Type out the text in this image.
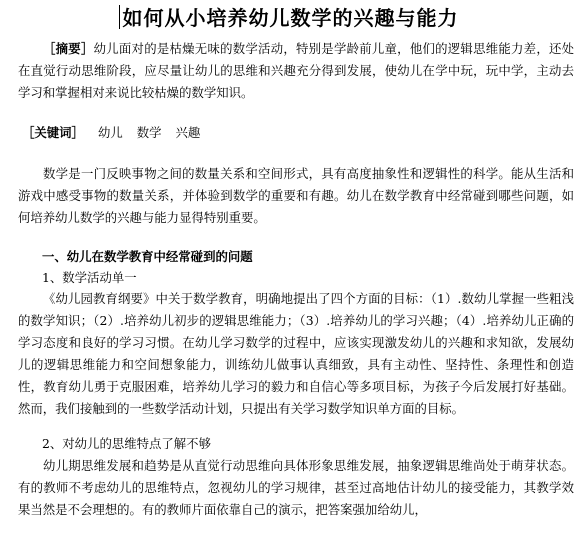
如何从小培养幼儿数学的兴趣与能力

［摘要］幼儿面对的是枯燥无味的数学活动，特别是学龄前儿童，他们的逻辑思维能力差，还处在直觉行动思维阶段，应尽量让幼儿的思维和兴趣充分得到发展，使幼儿在学中玩，玩中学，主动去学习和掌握相对来说比较枯燥的数学知识。

［关键词］ 幼儿 数学 兴趣

数学是一门反映事物之间的数量关系和空间形式，具有高度抽象性和逻辑性的科学。能从生活和游戏中感受事物的数量关系，并体验到数学的重要和有趣。幼儿在数学教育中经常碰到哪些问题，如何培养幼儿数学的兴趣与能力显得特别重要。

一、幼儿在数学教育中经常碰到的问题

1、数学活动单一

《幼儿园教育纲要》中关于数学教育，明确地提出了四个方面的目标：（1）.数幼儿掌握一些粗浅的数学知识；（2）.培养幼儿初步的逻辑思维能力；（3）.培养幼儿的学习兴趣；（4）.培养幼儿正确的学习态度和良好的学习习惯。在幼儿学习数学的过程中，应该实现激发幼儿的兴趣和求知欲，发展幼儿的逻辑思维能力和空间想象能力，训练幼儿做事认真细致，具有主动性、坚持性、条理性和创造性，教育幼儿勇于克服困难，培养幼儿学习的毅力和自信心等多项目标，为孩子今后发展打好基础。然而，我们接触到的一些数学活动计划，只提出有关学习数学知识单方面的目标。

2、对幼儿的思维特点了解不够

幼儿期思维发展和趋势是从直觉行动思维向具体形象思维发展，抽象逻辑思维尚处于萌芽状态。有的教师不考虑幼儿的思维特点，忽视幼儿的学习规律，甚至过高地估计幼儿的接受能力，其教学效果当然是不会理想的。有的教师片面依靠自己的演示，把答案强加给幼儿，
